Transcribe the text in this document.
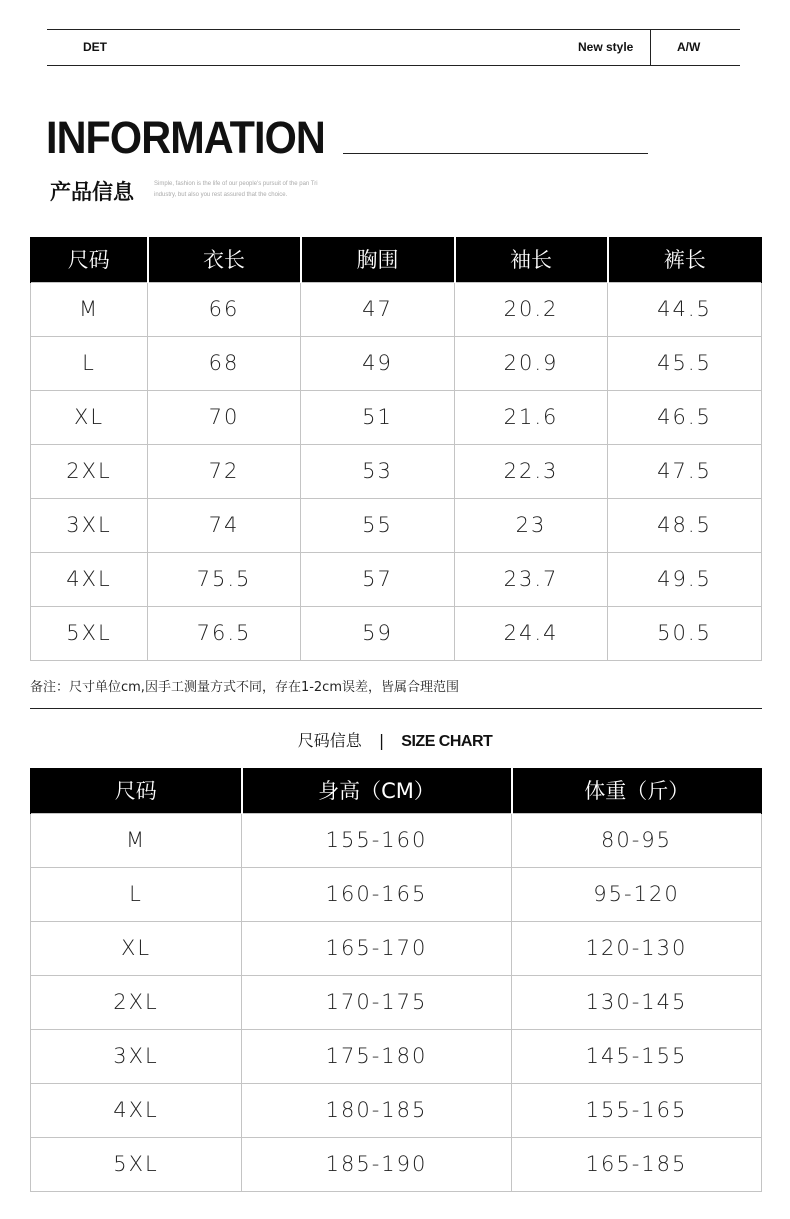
DET	New style	A/W
INFORMATION
产品信息	Simple, fashion is the life of our people's pursuit of the pan Tri industry, but also you rest assured that the choice.
尺码	衣长	胸围	袖长	裤长
M	66	47	20.2	44.5
L	68	49	20.9	45.5
XL	70	51	21.6	46.5
2XL	72	53	22.3	47.5
3XL	74	55	23	48.5
4XL	75.5	57	23.7	49.5
5XL	76.5	59	24.4	50.5
备注：尺寸单位cm,因手工测量方式不同，存在1-2cm误差，皆属合理范围
尺码信息 | SIZE CHART
尺码	身高（CM）	体重（斤）
M	155-160	80-95
L	160-165	95-120
XL	165-170	120-130
2XL	170-175	130-145
3XL	175-180	145-155
4XL	180-185	155-165
5XL	185-190	165-185
